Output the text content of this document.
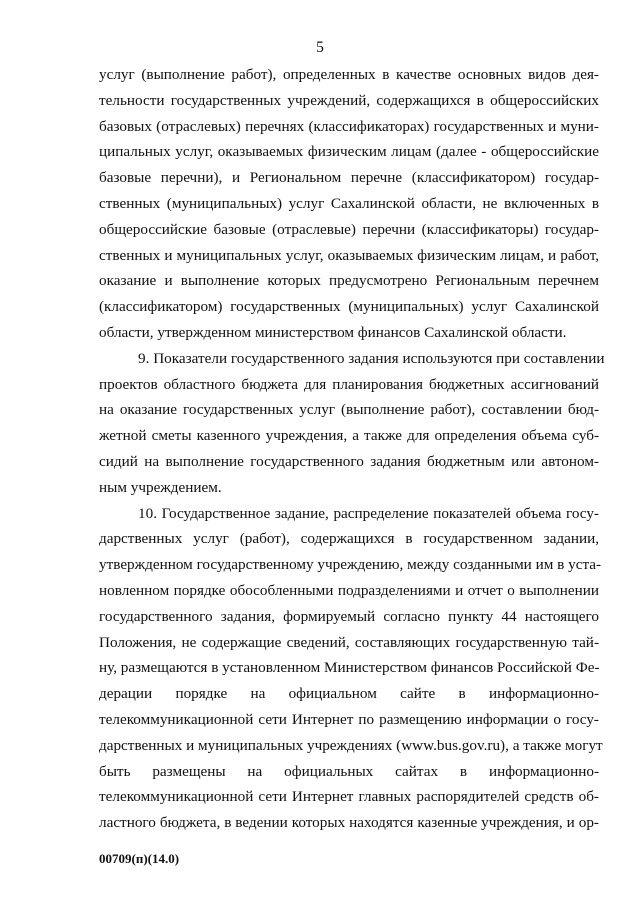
5
услуг (выполнение работ), определенных в качестве основных видов дея-
тельности государственных учреждений, содержащихся в общероссийских
базовых (отраслевых) перечнях (классификаторах) государственных и муни-
ципальных услуг, оказываемых физическим лицам (далее - общероссийские
базовые перечни), и Региональном перечне (классификатором) государ-
ственных (муниципальных) услуг Сахалинской области, не включенных в
общероссийские базовые (отраслевые) перечни (классификаторы) государ-
ственных и муниципальных услуг, оказываемых физическим лицам, и работ,
оказание и выполнение которых предусмотрено Региональным перечнем
(классификатором) государственных (муниципальных) услуг Сахалинской
области, утвержденном министерством финансов Сахалинской области.
9. Показатели государственного задания используются при составлении
проектов областного бюджета для планирования бюджетных ассигнований
на оказание государственных услуг (выполнение работ), составлении бюд-
жетной сметы казенного учреждения, а также для определения объема суб-
сидий на выполнение государственного задания бюджетным или автоном-
ным учреждением.
10. Государственное задание, распределение показателей объема госу-
дарственных услуг (работ), содержащихся в государственном задании,
утвержденном государственному учреждению, между созданными им в уста-
новленном порядке обособленными подразделениями и отчет о выполнении
государственного задания, формируемый согласно пункту 44 настоящего
Положения, не содержащие сведений, составляющих государственную тай-
ну, размещаются в установленном Министерством финансов Российской Фе-
дерации порядке на официальном сайте в информационно-
телекоммуникационной сети Интернет по размещению информации о госу-
дарственных и муниципальных учреждениях (www.bus.gov.ru), а также могут
быть размещены на официальных сайтах в информационно-
телекоммуникационной сети Интернет главных распорядителей средств об-
ластного бюджета, в ведении которых находятся казенные учреждения, и ор-
00709(п)(14.0)
